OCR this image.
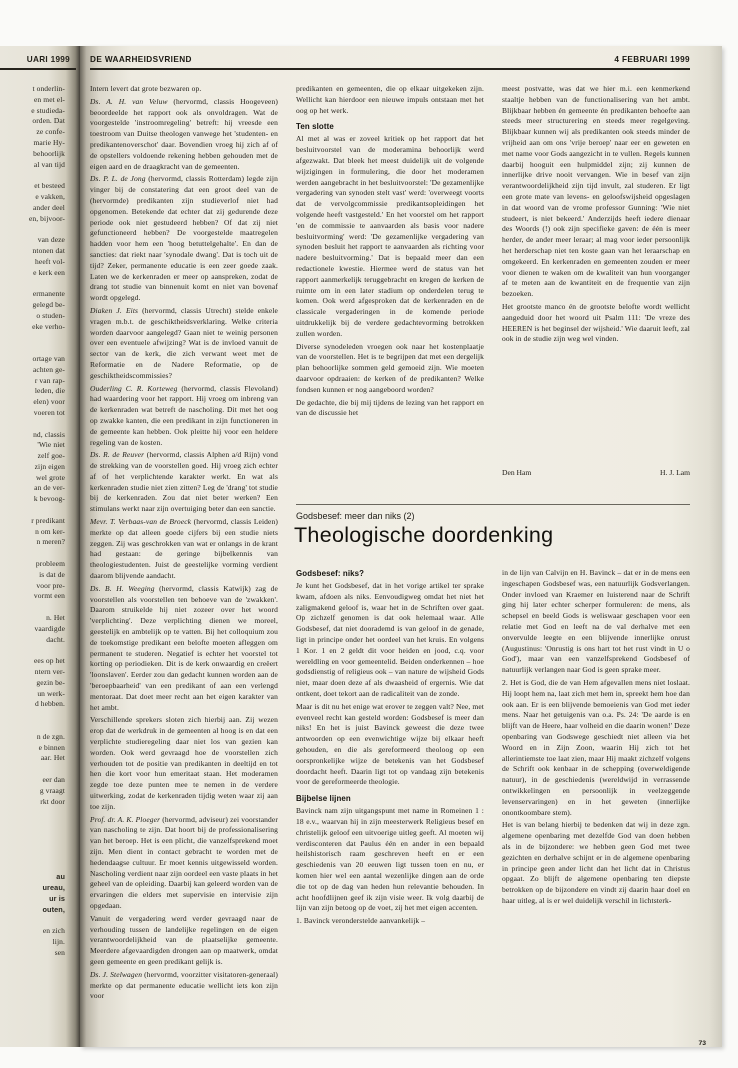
UARI 1999
t onderlin-
en met el-
e studieda-
orden. Dat
ze confe-
marie Hy-
behoorlijk
al van tijd
et besteed
e vakken,
ander deel
en, bijvoor-
van deze
ntonen dat
heeft vol-
e kerk een
ermanente
gelegd be-
o studen-
eke verho-
ortage van
achten ge-
r van rap-
leden, die
elen) voor
voeren tot
nd, classis
'Wie niet
zelf goe-
zijn eigen
wel grote
an de ver-
k bevoog-
r predikant
n om ker-
n meren?
probleem
is dat de
voor pre-
vormt een
n. Het
vaardigde
dacht.
ees op het
ntern ver-
gezin be-
un werk-
d hebben.
n de zgn.
e binnen
aar. Het
eer dan
g vraagt
rkt door
au
ureau,
ur is
outen,
en zich
lijn.
sen
DE WAARHEIDSVRIEND	4 FEBRUARI 1999

Intern levert dat grote bezwaren op.

Ds. A. H. van Veluw (hervormd, classis Hoogeveen) beoordeelde het rapport ook als onvoldragen. Wat de voorgestelde 'instroomregeling' betreft: hij vreesde een toestroom van Duitse theologen vanwege het 'studenten- en predikantenoverschot' daar. Bovendien vroeg hij zich af of de opstellers voldoende rekening hebben gehouden met de eigen aard en de draagkracht van de gemeenten.

Ds. P. L. de Jong (hervormd, classis Rotterdam) legde zijn vinger bij de constatering dat een groot deel van de (hervormde) predikanten zijn studieverlof niet had opgenomen. Betekende dat echter dat zij gedurende deze periode ook niet gestudeerd hebben? Of dat zij niet gefunctioneerd hebben? De voorgestelde maatregelen hadden voor hem een 'hoog betuttelgehalte'. En dan de sancties: dat riekt naar 'synodale dwang'. Dat is toch uit de tijd? Zeker, permanente educatie is een zeer goede zaak. Laten we de kerkenraden er meer op aanspreken, zodat de drang tot studie van binnenuit komt en niet van bovenaf wordt opgelegd.

Diaken J. Eits (hervormd, classis Utrecht) stelde enkele vragen m.b.t. de geschiktheidsverklaring. Welke criteria worden daarvoor aangelegd? Gaan niet te weinig personen over een eventuele afwijzing? Wat is de invloed vanuit de sector van de kerk, die zich verwant weet met de Reformatie en de Nadere Reformatie, op de geschiktheidscommissies?

Ouderling C. R. Korteweg (hervormd, classis Flevoland) had waardering voor het rapport. Hij vroeg om inbreng van de kerkenraden wat betreft de nascholing. Dit met het oog op zwakke kanten, die een predikant in zijn functioneren in de gemeente kan hebben. Ook pleitte hij voor een heldere regeling van de kosten.

Ds. R. de Reuver (hervormd, classis Alphen a/d Rijn) vond de strekking van de voorstellen goed. Hij vroeg zich echter af of het verplichtende karakter werkt. En wat als kerkenraden studie niet zien zitten? Leg de 'drang' tot studie bij de kerkenraden. Zou dat niet beter werken? Een stimulans werkt naar zijn overtuiging beter dan een sanctie.

Mevr. T. Verbaas-van de Broeck (hervormd, classis Leiden) merkte op dat alleen goede cijfers bij een studie niets zeggen. Zij was geschrokken van wat er onlangs in de krant had gestaan: de geringe bijbelkennis van theologiestudenten. Juist de geestelijke vorming verdient daarom blijvende aandacht.

Ds. B. H. Weeging (hervormd, classis Katwijk) zag de voorstellen als voorstellen ten behoeve van de 'zwakken'. Daarom struikelde hij niet zozeer over het woord 'verplichting'. Deze verplichting dienen we moreel, geestelijk en ambtelijk op te vatten. Bij het colloquium zou de toekomstige predikant een belofte moeten afleggen om permanent te studeren. Negatief is echter het voorstel tot korting op periodieken. Dit is de kerk onwaardig en creëert 'loonslaven'. Eerder zou dan gedacht kunnen worden aan de 'beroepbaarheid' van een predikant of aan een verlengd mentoraat. Dat doet meer recht aan het eigen karakter van het ambt.

Verschillende sprekers sloten zich hierbij aan. Zij wezen erop dat de werkdruk in de gemeenten al hoog is en dat een verplichte studieregeling daar niet los van gezien kan worden. Ook werd gevraagd hoe de voorstellen zich verhouden tot de positie van predikanten in deeltijd en tot hen die kort voor hun emeritaat staan. Het moderamen zegde toe deze punten mee te nemen in de verdere uitwerking, zodat de kerkenraden tijdig weten waar zij aan toe zijn.

Prof. dr. A. K. Ploeger (hervormd, adviseur) zei voorstander van nascholing te zijn. Dat hoort bij de professionalisering van het beroep. Het is een plicht, die vanzelfsprekend moet zijn. Men dient in contact gebracht te worden met de hedendaagse cultuur. Er moet kennis uitgewisseld worden. Nascholing verdient naar zijn oordeel een vaste plaats in het geheel van de opleiding. Daarbij kan geleerd worden van de ervaringen die elders met supervisie en intervisie zijn opgedaan.

Vanuit de vergadering werd verder gevraagd naar de verhouding tussen de landelijke regelingen en de eigen verantwoordelijkheid van de plaatselijke gemeente. Meerdere afgevaardigden drongen aan op maatwerk, omdat geen gemeente en geen predikant gelijk is.

Ds. J. Stelwagen (hervormd, voorzitter visitatoren-generaal) merkte op dat permanente educatie wellicht iets kon zijn voor

predikanten en gemeenten, die op elkaar uitgekeken zijn. Wellicht kan hierdoor een nieuwe impuls ontstaan met het oog op het werk.

Ten slotte

Al met al was er zoveel kritiek op het rapport dat het besluitvoorstel van de moderamina behoorlijk werd afgezwakt. Dat bleek het meest duidelijk uit de volgende wijzigingen in formulering, die door het moderamen werden aangebracht in het besluitvoorstel: 'De gezamenlijke vergadering van synoden stelt vast' werd: 'overweegt voorts dat de vervolgcommissie predikantsopleidingen het volgende heeft vastgesteld.' En het voorstel om het rapport 'en de commissie te aanvaarden als basis voor nadere besluitvorming' werd: 'De gezamenlijke vergadering van synoden besluit het rapport te aanvaarden als richting voor nadere besluitvorming.' Dat is bepaald meer dan een redactionele kwestie. Hiermee werd de status van het rapport aanmerkelijk teruggebracht en kregen de kerken de ruimte om in een later stadium op onderdelen terug te komen. Ook werd afgesproken dat de kerkenraden en de classicale vergaderingen in de komende periode uitdrukkelijk bij de verdere gedachtevorming betrokken zullen worden.

Diverse synodeleden vroegen ook naar het kostenplaatje van de voorstellen. Het is te begrijpen dat met een dergelijk plan behoorlijke sommen geld gemoeid zijn. Wie moeten daarvoor opdraaien: de kerken of de predikanten? Welke fondsen kunnen er nog aangeboord worden?

De gedachte, die bij mij tijdens de lezing van het rapport en van de discussie het

meest postvatte, was dat we hier m.i. een kenmerkend staaltje hebben van de functionalisering van het ambt. Blijkbaar hebben én gemeente én predikanten behoefte aan steeds meer structurering en steeds meer regelgeving. Blijkbaar kunnen wij als predikanten ook steeds minder de vrijheid aan om ons 'vrije beroep' naar eer en geweten en met name voor Gods aangezicht in te vullen. Regels kunnen daarbij hooguit een hulpmiddel zijn; zij kunnen de innerlijke drive nooit vervangen. Wie in besef van zijn verantwoordelijkheid zijn tijd invult, zal studeren. Er ligt een grote mate van levens- en geloofswijsheid opgeslagen in dat woord van de vrome professor Gunning: 'Wie niet studeert, is niet bekeerd.' Anderzijds heeft iedere dienaar des Woords (!) ook zijn specifieke gaven: de één is meer herder, de ander meer leraar; al mag voor ieder persoonlijk het herderschap niet ten koste gaan van het leraarschap en omgekeerd. En kerkenraden en gemeenten zouden er meer voor dienen te waken om de kwaliteit van hun voorganger af te meten aan de kwantiteit en de frequentie van zijn bezoeken.

Het grootste manco én de grootste belofte wordt wellicht aangeduid door het woord uit Psalm 111: 'De vreze des HEEREN is het beginsel der wijsheid.' Wie daaruit leeft, zal ook in de studie zijn weg wel vinden.

Den Ham	H. J. Lam
Godsbesef: meer dan niks (2)
Theologische doordenking
Godsbesef: niks?

Je kunt het Godsbesef, dat in het vorige artikel ter sprake kwam, afdoen als niks. Eenvoudigweg omdat het niet het zaligmakend geloof is, waar het in de Schriften over gaat. Op zichzelf genomen is dat ook helemaal waar. Alle Godsbesef, dat niet doorademd is van geloof in de genade, ligt in principe onder het oordeel van het kruis. En volgens 1 Kor. 1 en 2 geldt dit voor heiden en jood, c.q. voor wereldling en voor gemeentelid. Beiden onderkennen – hoe godsdienstig of religieus ook – van nature de wijsheid Gods niet, maar doen deze af als dwaasheid of ergernis. Wie dat ontkent, doet tekort aan de radicaliteit van de zonde.

Maar is dit nu het enige wat erover te zeggen valt? Nee, met evenveel recht kan gesteld worden: Godsbesef is meer dan niks! En het is juist Bavinck geweest die deze twee antwoorden op een evenwichtige wijze bij elkaar heeft gehouden, en die als gereformeerd theoloog op een oorspronkelijke wijze de betekenis van het Godsbesef doordacht heeft. Daarin ligt tot op vandaag zijn betekenis voor de gereformeerde theologie.

Bijbelse lijnen

Bavinck nam zijn uitgangspunt met name in Romeinen 1 : 18 e.v., waarvan hij in zijn meesterwerk Religieus besef en christelijk geloof een uitvoerige uitleg geeft. Al moeten wij verdisconteren dat Paulus één en ander in een bepaald heilshistorisch raam geschreven heeft en er een geschiedenis van 20 eeuwen ligt tussen toen en nu, er komen hier wel een aantal wezenlijke dingen aan de orde die tot op de dag van heden hun relevantie behouden. In acht hoofdlijnen geef ik zijn visie weer. Ik volg daarbij de lijn van zijn betoog op de voet, zij het met eigen accenten.

1. Bavinck veronderstelde aanvankelijk –

in de lijn van Calvijn en H. Bavinck – dat er in de mens een ingeschapen Godsbesef was, een natuurlijk Godsverlangen. Onder invloed van Kraemer en luisterend naar de Schrift ging hij later echter scherper formuleren: de mens, als schepsel en beeld Gods is weliswaar geschapen voor een relatie met God en leeft na de val derhalve met een onvervulde leegte en een blijvende innerlijke onrust (Augustinus: 'Onrustig is ons hart tot het rust vindt in U o God'), maar van een vanzelfsprekend Godsbesef of natuurlijk verlangen naar God is geen sprake meer.

2. Het is God, die de van Hem afgevallen mens niet loslaat. Hij loopt hem na, laat zich met hem in, spreekt hem hoe dan ook aan. Er is een blijvende bemoeienis van God met ieder mens. Naar het getuigenis van o.a. Ps. 24: 'De aarde is en blijft van de Heere, haar volheid en die daarin wonen!' Deze openbaring van Godswege geschiedt niet alleen via het Woord en in Zijn Zoon, waarin Hij zich tot het allerintiemste toe laat zien, maar Hij maakt zichzelf volgens de Schrift ook kenbaar in de schepping (overweldigende natuur), in de geschiedenis (wereldwijd in verrassende ontwikkelingen en persoonlijk in veelzeggende levenservaringen) en in het geweten (innerlijke onontkoombare stem).

Het is van belang hierbij te bedenken dat wij in deze zgn. algemene openbaring met dezelfde God van doen hebben als in de bijzondere: we hebben geen God met twee gezichten en derhalve schijnt er in de algemene openbaring in principe geen ander licht dan het licht dat in Christus opgaat. Zo blijft de algemene openbaring ten diepste betrokken op de bijzondere en vindt zij daarin haar doel en haar uitleg, al is er wel duidelijk verschil in lichtsterk-

73
